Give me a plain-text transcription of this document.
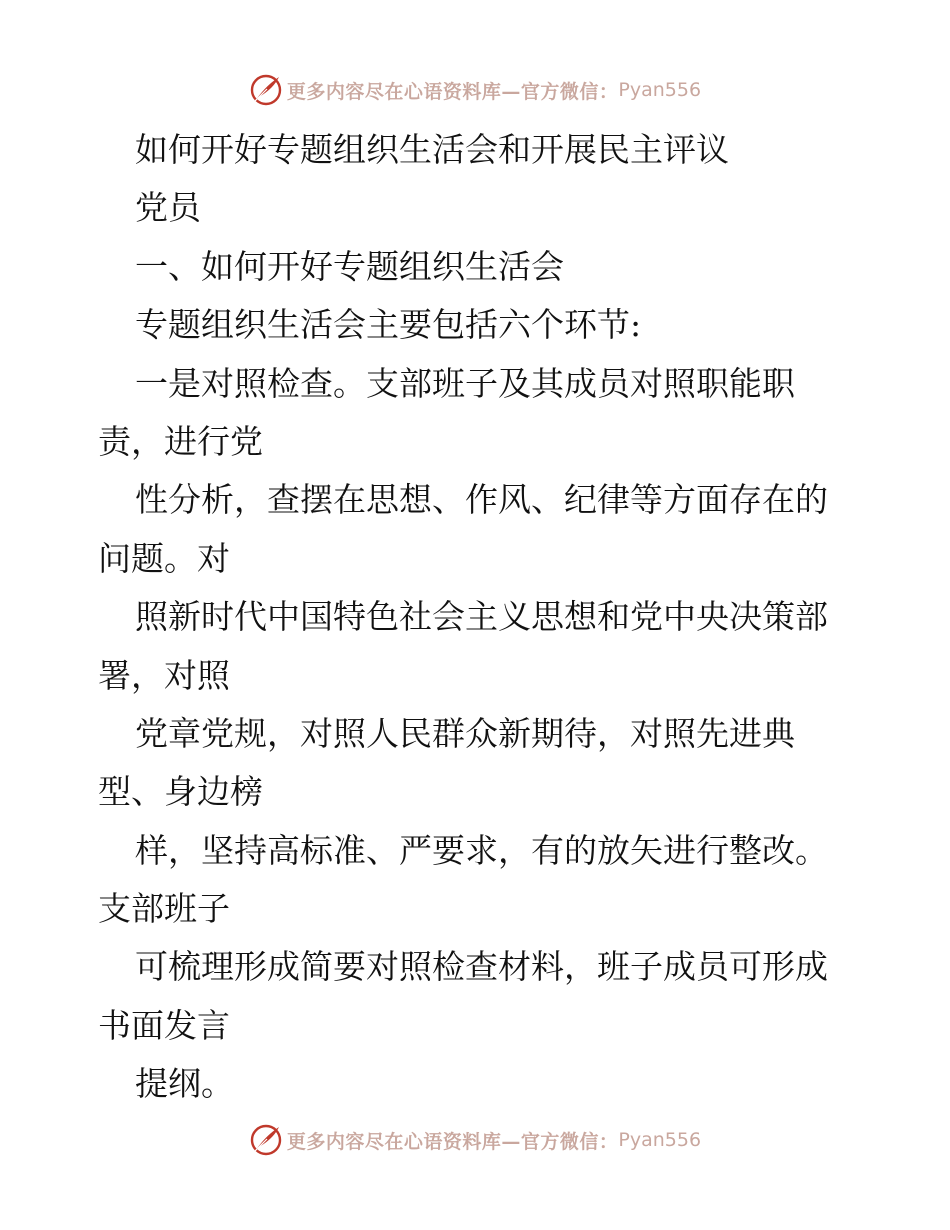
更多内容尽在心语资料库—官方微信： Pyan556
如何开好专题组织生活会和开展民主评议
党员
一、如何开好专题组织生活会
专题组织生活会主要包括六个环节:
一是对照检查。支部班子及其成员对照职能职
责，进行党
性分析，查摆在思想、作风、纪律等方面存在的
问题。对
照新时代中国特色社会主义思想和党中央决策部
署，对照
党章党规，对照人民群众新期待，对照先进典
型、身边榜
样，坚持高标准、严要求，有的放矢进行整改。
支部班子
可梳理形成简要对照检查材料，班子成员可形成
书面发言
提纲。
更多内容尽在心语资料库—官方微信： Pyan556
